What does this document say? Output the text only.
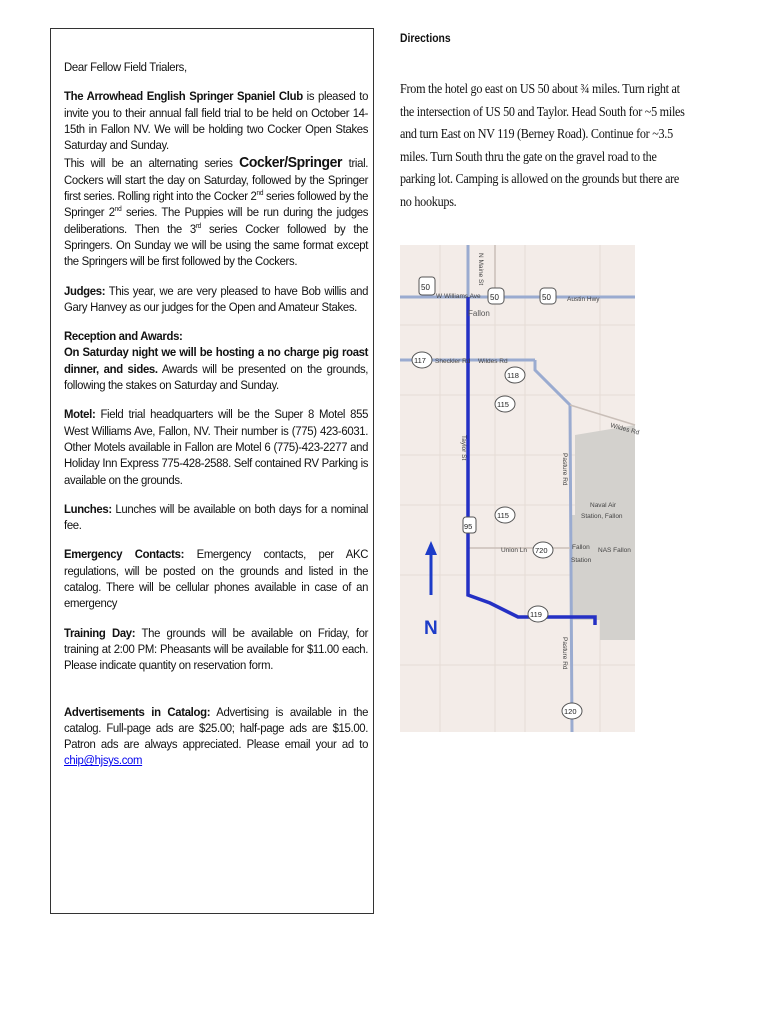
Dear Fellow Field Trialers,

The Arrowhead English Springer Spaniel Club is pleased to invite you to their annual fall field trial to be held on October 14-15th in Fallon NV. We will be holding two Cocker Open Stakes Saturday and Sunday.

This will be an alternating series Cocker/Springer trial. Cockers will start the day on Saturday, followed by the Springer first series. Rolling right into the Cocker 2nd series followed by the Springer 2nd series. The Puppies will be run during the judges deliberations. Then the 3rd series Cocker followed by the Springers. On Sunday we will be using the same format except the Springers will be first followed by the Cockers.

Judges: This year, we are very pleased to have Bob willis and Gary Hanvey as our judges for the Open and Amateur Stakes.

Reception and Awards:
On Saturday night we will be hosting a no charge pig roast dinner, and sides. Awards will be presented on the grounds, following the stakes on Saturday and Sunday.

Motel: Field trial headquarters will be the Super 8 Motel 855 West Williams Ave, Fallon, NV. Their number is (775) 423-6031. Other Motels available in Fallon are Motel 6 (775)-423-2277 and Holiday Inn Express 775-428-2588. Self contained RV Parking is available on the grounds.

Lunches: Lunches will be available on both days for a nominal fee.

Emergency Contacts: Emergency contacts, per AKC regulations, will be posted on the grounds and listed in the catalog. There will be cellular phones available in case of an emergency

Training Day: The grounds will be available on Friday, for training at 2:00 PM: Pheasants will be available for $11.00 each. Please indicate quantity on reservation form.

Advertisements in Catalog: Advertising is available in the catalog. Full-page ads are $25.00; half-page ads are $15.00. Patron ads are always appreciated. Please email your ad to chip@hjsys.com

Directions
From the hotel go east on US 50 about ¾ miles. Turn right at the intersection of US 50 and Taylor. Head South for ~5 miles and turn East on NV 119 (Berney Road). Continue for ~3.5 miles. Turn South thru the gate on the gravel road to the parking lot. Camping is allowed on the grounds but there are no hookups.
N
50
50	50
117
118
115
115
95
720
119
120
W Williams Ave
N Maine St
Austin Hwy
Fallon
Sheckler Rd Wildes Rd
Wildes Rd
Taylor St
Pasture Rd
Pasture Rd
Union Ln
Naval Air
Station, Fallon
Fallon
Station
NAS Fallon
